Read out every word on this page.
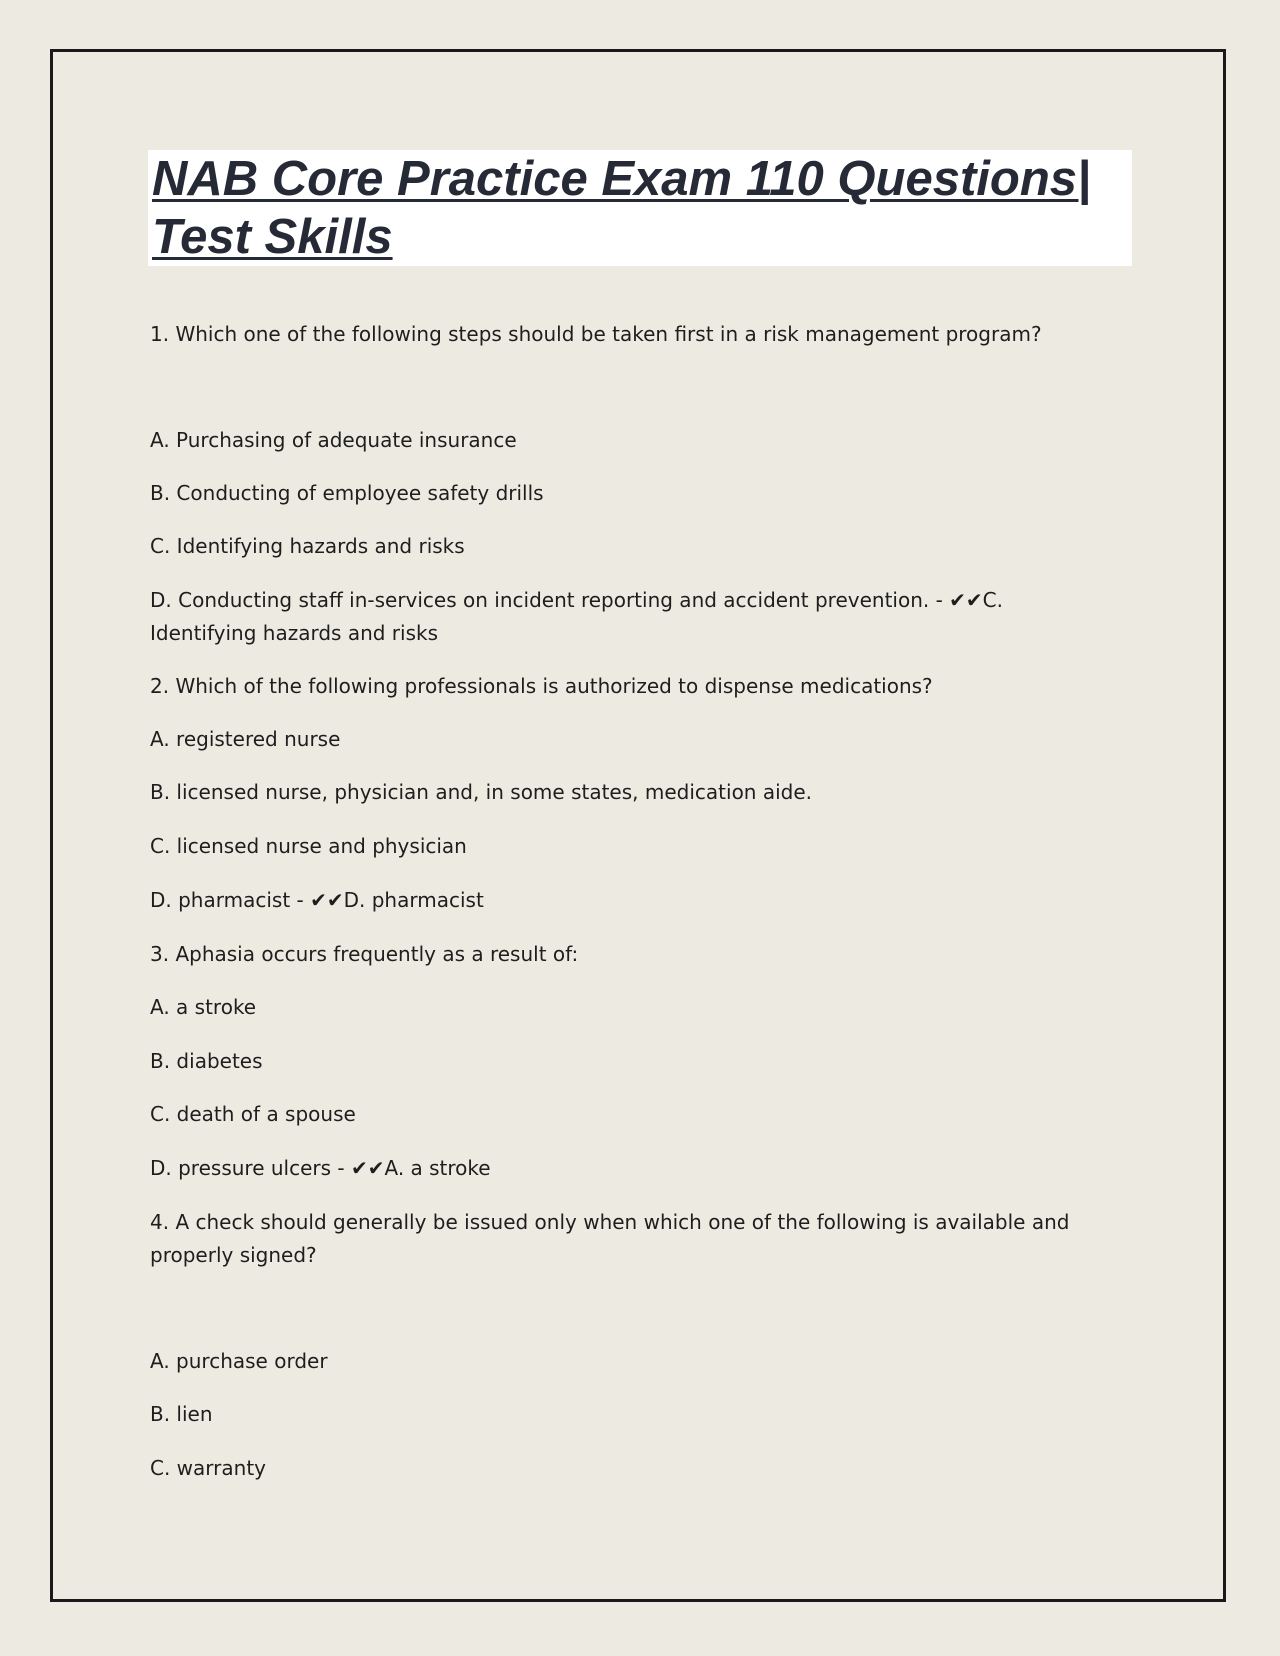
NAB Core Practice Exam 110 Questions| Test Skills

1. Which one of the following steps should be taken first in a risk management program?

A. Purchasing of adequate insurance

B. Conducting of employee safety drills

C. Identifying hazards and risks

D. Conducting staff in-services on incident reporting and accident prevention. - ✔✔C. Identifying hazards and risks

2. Which of the following professionals is authorized to dispense medications?

A. registered nurse

B. licensed nurse, physician and, in some states, medication aide.

C. licensed nurse and physician

D. pharmacist - ✔✔D. pharmacist

3. Aphasia occurs frequently as a result of:

A. a stroke

B. diabetes

C. death of a spouse

D. pressure ulcers - ✔✔A. a stroke

4. A check should generally be issued only when which one of the following is available and properly signed?

A. purchase order

B. lien

C. warranty
